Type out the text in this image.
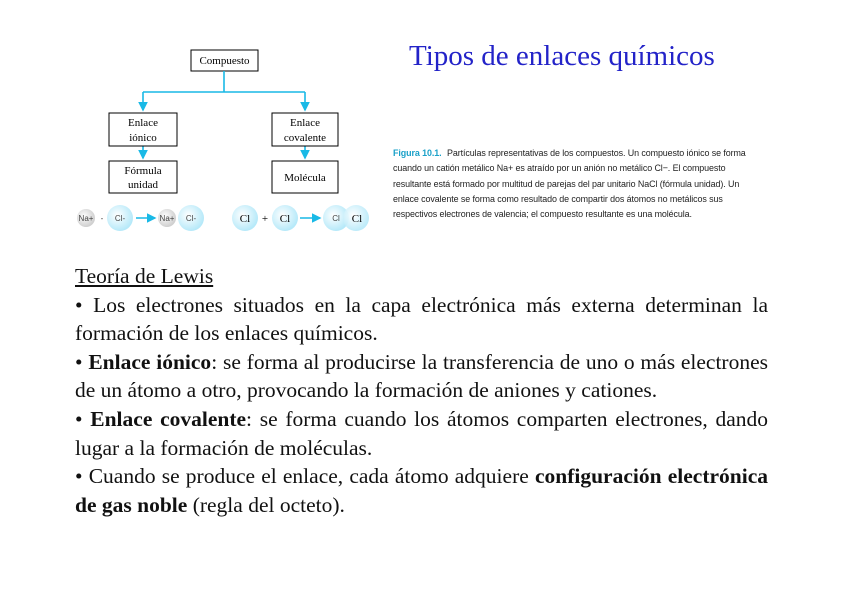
Tipos de enlaces químicos
Compuesto
Enlace
iónico
Enlace
covalente
Fórmula
unidad
Molécula
Na+ - Cl-	Na+ Cl-	Cl + Cl	Cl Cl
Figura 10.1. Partículas representativas de los compuestos. Un compuesto iónico se forma cuando un catión metálico Na+ es atraído por un anión no metálico Cl−. El compuesto resultante está formado por multitud de parejas del par unitario NaCl (fórmula unidad). Un enlace covalente se forma como resultado de compartir dos átomos no metálicos sus respectivos electrones de valencia; el compuesto resultante es una molécula.

Teoría de Lewis

• Los electrones situados en la capa electrónica más externa determinan la formación de los enlaces químicos.

• Enlace iónico: se forma al producirse la transferencia de uno o más electrones de un átomo a otro, provocando la formación de aniones y cationes.

• Enlace covalente: se forma cuando los átomos comparten electrones, dando lugar a la formación de moléculas.

• Cuando se produce el enlace, cada átomo adquiere configuración electrónica de gas noble (regla del octeto).
